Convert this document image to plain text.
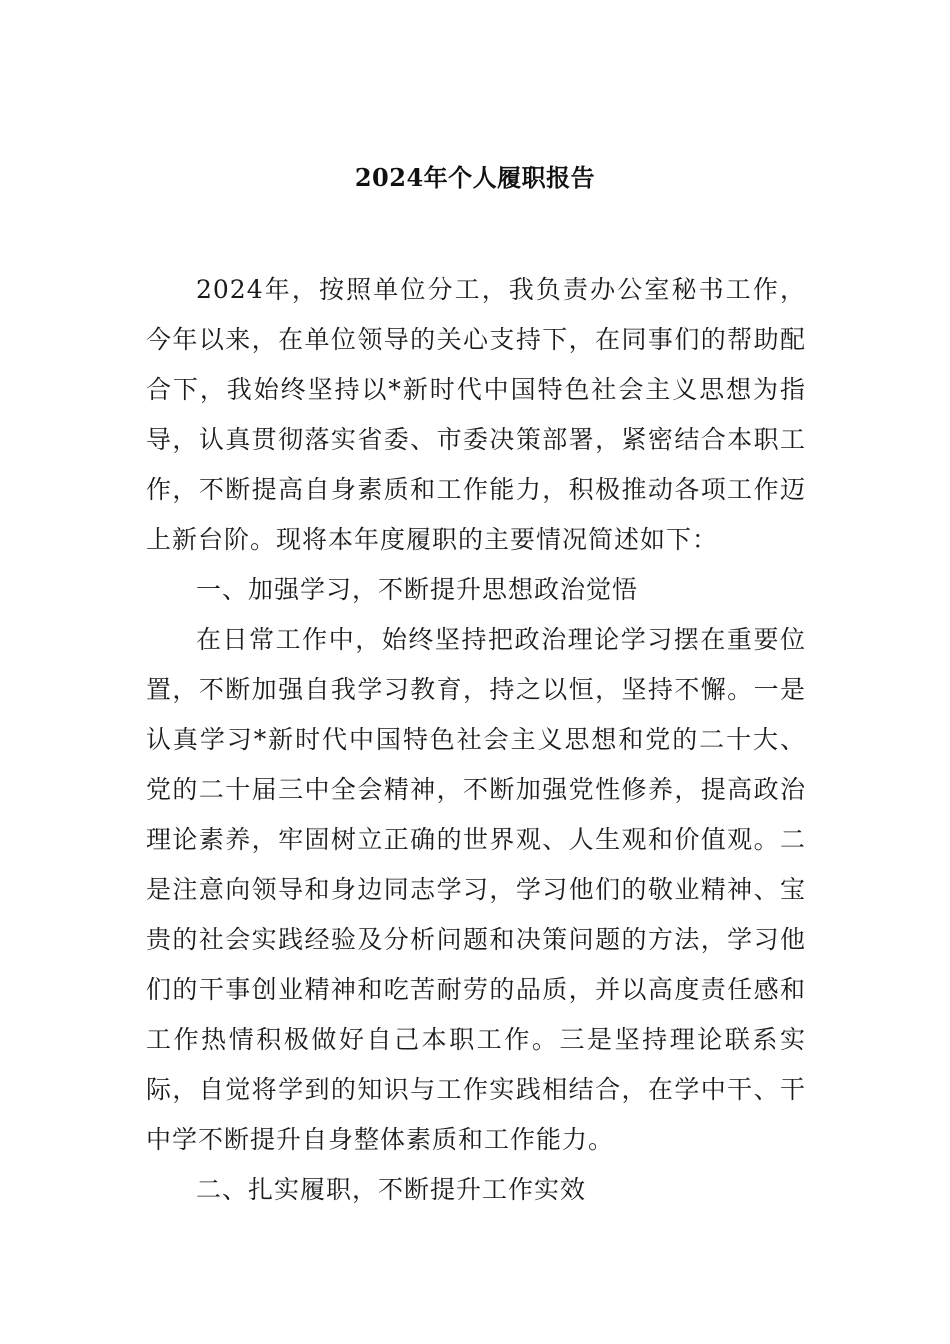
2024年个人履职报告

2024年，按照单位分工，我负责办公室秘书工作，今年以来，在单位领导的关心支持下，在同事们的帮助配合下，我始终坚持以*新时代中国特色社会主义思想为指导，认真贯彻落实省委、市委决策部署，紧密结合本职工作，不断提高自身素质和工作能力，积极推动各项工作迈上新台阶。现将本年度履职的主要情况简述如下：

一、加强学习，不断提升思想政治觉悟

在日常工作中，始终坚持把政治理论学习摆在重要位置，不断加强自我学习教育，持之以恒，坚持不懈。一是认真学习*新时代中国特色社会主义思想和党的二十大、党的二十届三中全会精神，不断加强党性修养，提高政治理论素养，牢固树立正确的世界观、人生观和价值观。二是注意向领导和身边同志学习，学习他们的敬业精神、宝贵的社会实践经验及分析问题和决策问题的方法，学习他们的干事创业精神和吃苦耐劳的品质，并以高度责任感和工作热情积极做好自己本职工作。三是坚持理论联系实际，自觉将学到的知识与工作实践相结合，在学中干、干中学不断提升自身整体素质和工作能力。

二、扎实履职，不断提升工作实效
